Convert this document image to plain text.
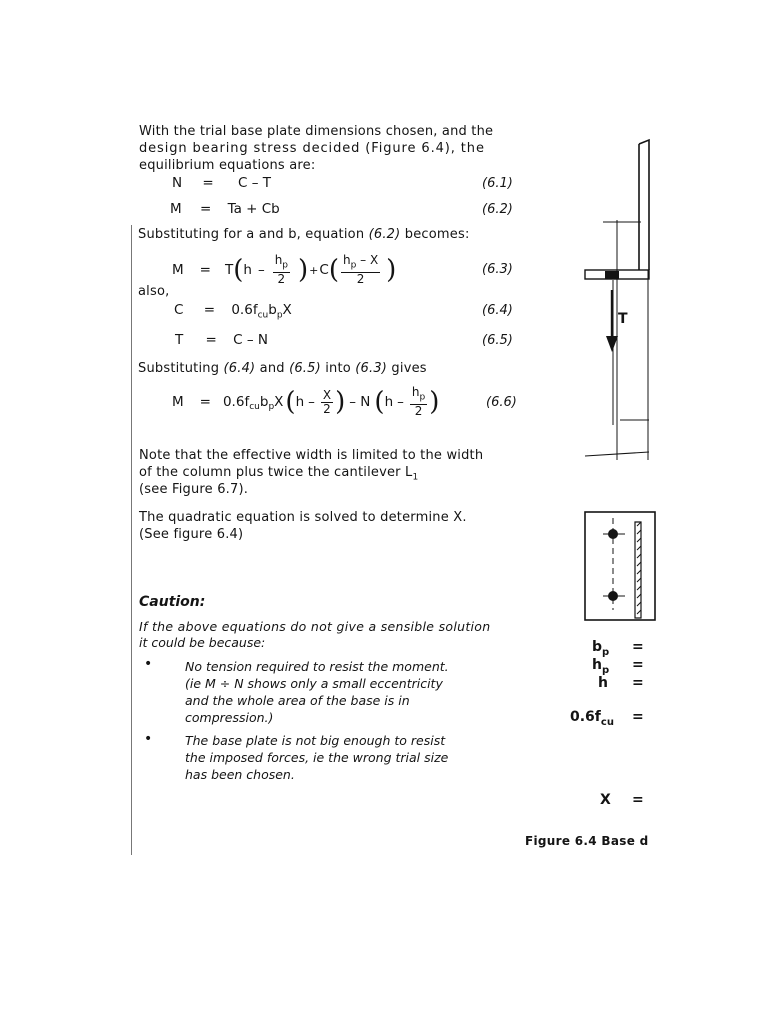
With the trial base plate dimensions chosen, and the
design bearing stress decided (Figure 6.4), the
equilibrium equations are:
N = C – T	(6.1)
M = Ta + Cb	(6.2)
Substituting for a and b, equation (6.2) becomes:
M = T ( h – $\frac{h_p}{2}$ ) + C ( $\frac{h_p - X}{2}$ )	(6.3)
also,
$C = 0.6f_{cu}b_pX$	(6.4)
T = C – N	(6.5)
Substituting (6.4) and (6.5) into (6.3) gives
$M = 0.6f_{cu}$ $b_p$ X ( h – $\frac{X}{2}$ ) – N ( h – $\frac{h_p}{2}$ )	(6.6)
Note that the effective width is limited to the width
of the column plus twice the cantilever $L_1$
(see Figure 6.7).
The quadratic equation is solved to determine X.
(See figure 6.4)
Caution:
If the above equations do not give a sensible solution
it could be because:
•	No tension required to resist the moment.
(ie M ÷ N shows only a small eccentricity
and the whole area of the base is in
compression.)
•	The base plate is not big enough to resist
the imposed forces, ie the wrong trial size
has been chosen.
T
$b_p$ =
$h_p$ =
h =
$0.6f_{cu}$ =
X =
Figure 6.4 Base d
